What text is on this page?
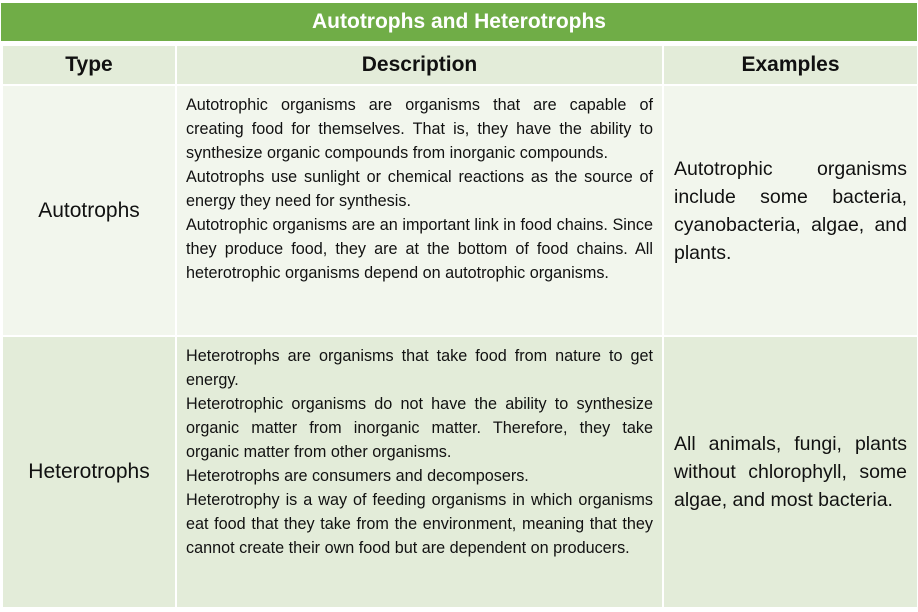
Autotrophs and Heterotrophs
Type	Description	Examples
Autotrophs	Autotrophic organisms are organisms that are capable of creating food for themselves. That is, they have the ability to synthesize organic compounds from inorganic compounds.

Autotrophs use sunlight or chemical reactions as the source of energy they need for synthesis.

Autotrophic organisms are an important link in food chains. Since they produce food, they are at the bottom of food chains. All heterotrophic organisms depend on autotrophic organisms.	Autotrophic organisms include some bacteria, cyanobacteria, algae, and plants.
Heterotrophs	Heterotrophs are organisms that take food from nature to get energy.

Heterotrophic organisms do not have the ability to synthesize organic matter from inorganic matter. Therefore, they take organic matter from other organisms.

Heterotrophs are consumers and decomposers.

Heterotrophy is a way of feeding organisms in which organisms eat food that they take from the environment, meaning that they cannot create their own food but are dependent on producers.	All animals, fungi, plants without chlorophyll, some algae, and most bacteria.
